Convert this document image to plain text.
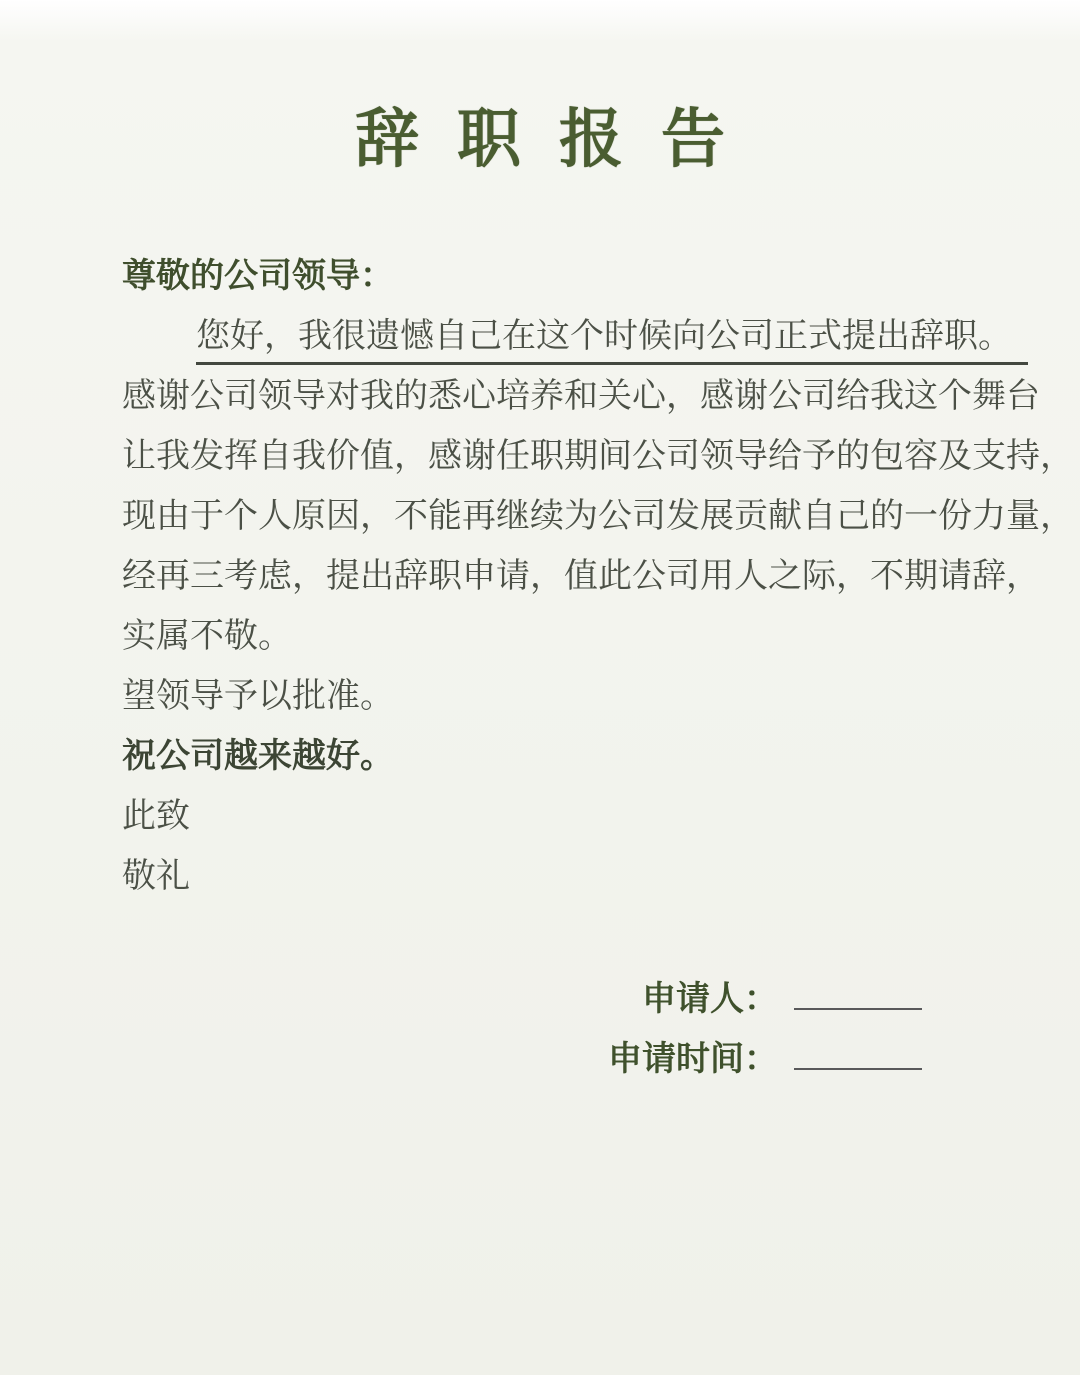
辞职报告

尊敬的公司领导：

您好，我很遗憾自己在这个时候向公司正式提出辞职。

感谢公司领导对我的悉心培养和关心，感谢公司给我这个舞台

让我发挥自我价值，感谢任职期间公司领导给予的包容及支持，

现由于个人原因，不能再继续为公司发展贡献自己的一份力量，

经再三考虑，提出辞职申请，值此公司用人之际，不期请辞，

实属不敬。

望领导予以批准。

祝公司越来越好。

此致

敬礼

申请人：
申请时间：
